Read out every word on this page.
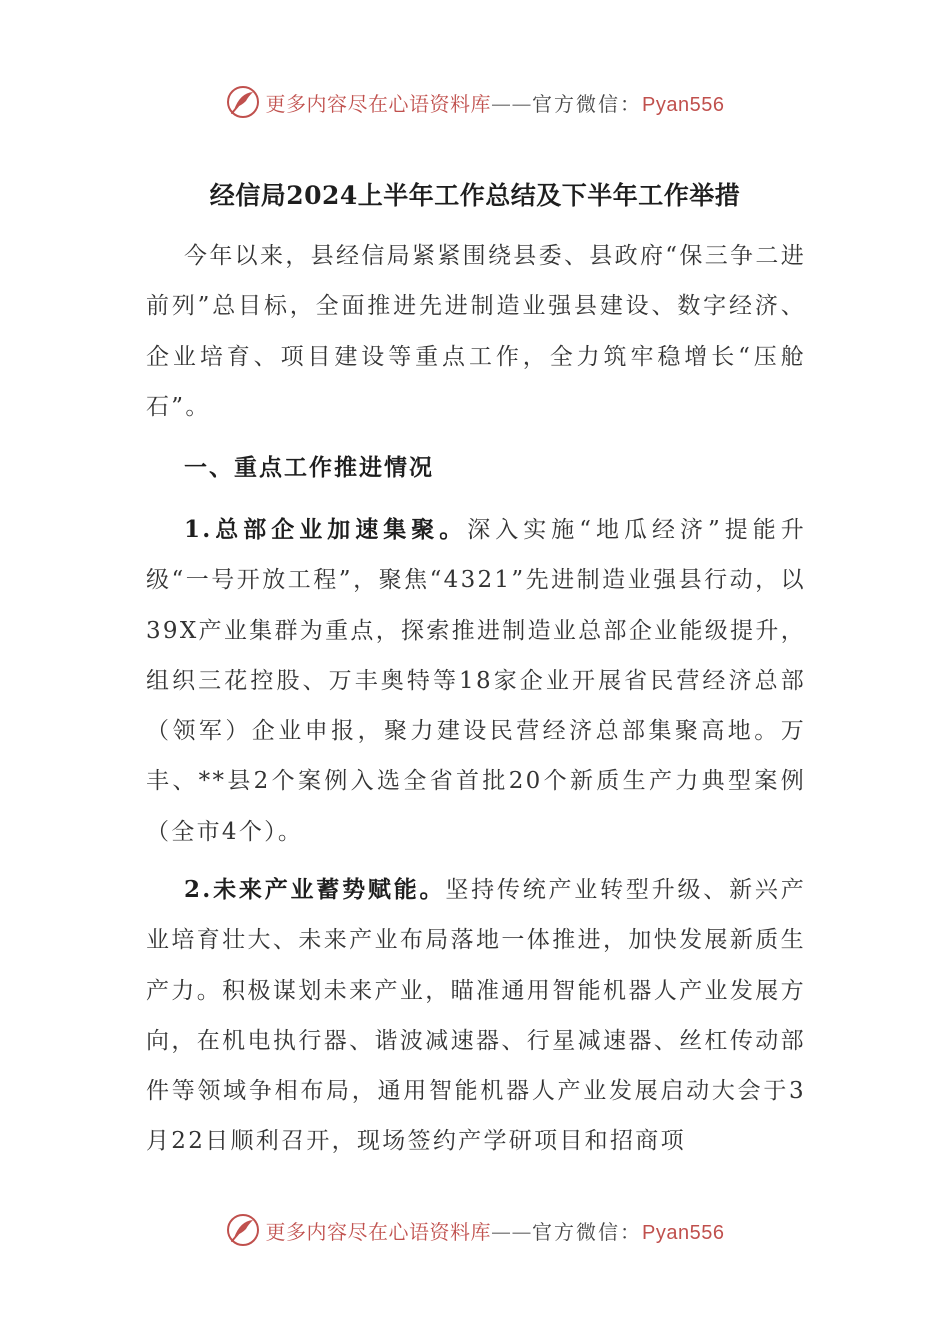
更多内容尽在心语资料库——官方微信：Pyan556
经信局2024上半年工作总结及下半年工作举措

今年以来，县经信局紧紧围绕县委、县政府“保三争二进前列”总目标，全面推进先进制造业强县建设、数字经济、企业培育、项目建设等重点工作，全力筑牢稳增长“压舱石”。

一、重点工作推进情况

1.总部企业加速集聚。深入实施“地瓜经济”提能升级“一号开放工程”，聚焦“4321”先进制造业强县行动，以39X产业集群为重点，探索推进制造业总部企业能级提升，组织三花控股、万丰奥特等18家企业开展省民营经济总部（领军）企业申报，聚力建设民营经济总部集聚高地。万丰、**县2个案例入选全省首批20个新质生产力典型案例（全市4个）。

2.未来产业蓄势赋能。坚持传统产业转型升级、新兴产业培育壮大、未来产业布局落地一体推进，加快发展新质生产力。积极谋划未来产业，瞄准通用智能机器人产业发展方向，在机电执行器、谐波减速器、行星减速器、丝杠传动部件等领域争相布局，通用智能机器人产业发展启动大会于3月22日顺利召开，现场签约产学研项目和招商项

更多内容尽在心语资料库——官方微信：Pyan556
